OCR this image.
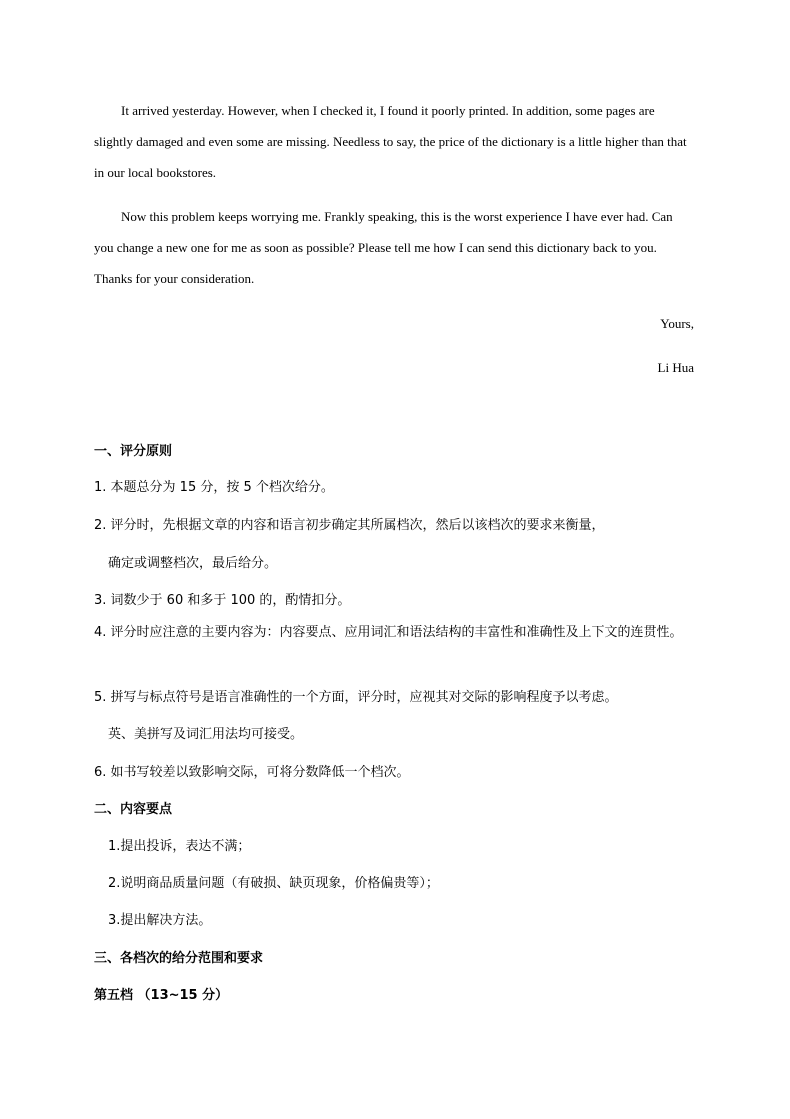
It arrived yesterday. However, when I checked it, I found it poorly printed. In addition, some pages are slightly damaged and even some are missing. Needless to say, the price of the dictionary is a little higher than that in our local bookstores.

Now this problem keeps worrying me. Frankly speaking, this is the worst experience I have ever had. Can you change a new one for me as soon as possible? Please tell me how I can send this dictionary back to you. Thanks for your consideration.

Yours,

Li Hua

一、评分原则

1. 本题总分为 15 分，按 5 个档次给分。

2. 评分时，先根据文章的内容和语言初步确定其所属档次，然后以该档次的要求来衡量，

确定或调整档次，最后给分。

3. 词数少于 60 和多于 100 的，酌情扣分。

4. 评分时应注意的主要内容为：内容要点、应用词汇和语法结构的丰富性和准确性及上下文的连贯性。

5. 拼写与标点符号是语言准确性的一个方面，评分时，应视其对交际的影响程度予以考虑。

英、美拼写及词汇用法均可接受。

6. 如书写较差以致影响交际，可将分数降低一个档次。

二、内容要点

1.提出投诉，表达不满；

2.说明商品质量问题（有破损、缺页现象，价格偏贵等）；

3.提出解决方法。

三、各档次的给分范围和要求

第五档 （13~15 分）
